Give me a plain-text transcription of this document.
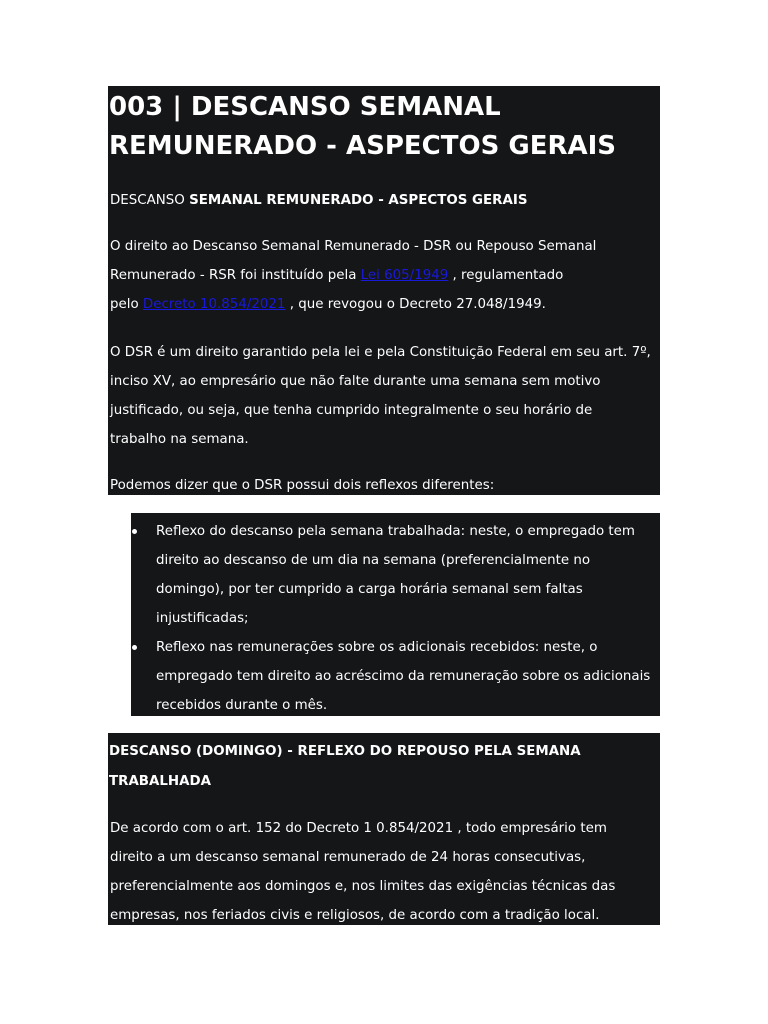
003 | DESCANSO SEMANAL
REMUNERADO - ASPECTOS GERAIS

DESCANSO SEMANAL REMUNERADO - ASPECTOS GERAIS

O direito ao Descanso Semanal Remunerado - DSR ou Repouso Semanal
Remunerado - RSR foi instituído pela Lei 605/1949 , regulamentado
pelo Decreto 10.854/2021 , que revogou o Decreto 27.048/1949.

O DSR é um direito garantido pela lei e pela Constituição Federal em seu art. 7º,
inciso XV, ao empresário que não falte durante uma semana sem motivo
justificado, ou seja, que tenha cumprido integralmente o seu horário de
trabalho na semana.

Podemos dizer que o DSR possui dois reflexos diferentes:

Reflexo do descanso pela semana trabalhada: neste, o empregado tem
direito ao descanso de um dia na semana (preferencialmente no
domingo), por ter cumprido a carga horária semanal sem faltas
injustificadas;
Reflexo nas remunerações sobre os adicionais recebidos: neste, o
empregado tem direito ao acréscimo da remuneração sobre os adicionais
recebidos durante o mês.
DESCANSO (DOMINGO) - REFLEXO DO REPOUSO PELA SEMANA
TRABALHADA

De acordo com o art. 152 do Decreto 1 0.854/2021 , todo empresário tem
direito a um descanso semanal remunerado de 24 horas consecutivas,
preferencialmente aos domingos e, nos limites das exigências técnicas das
empresas, nos feriados civis e religiosos, de acordo com a tradição local.
